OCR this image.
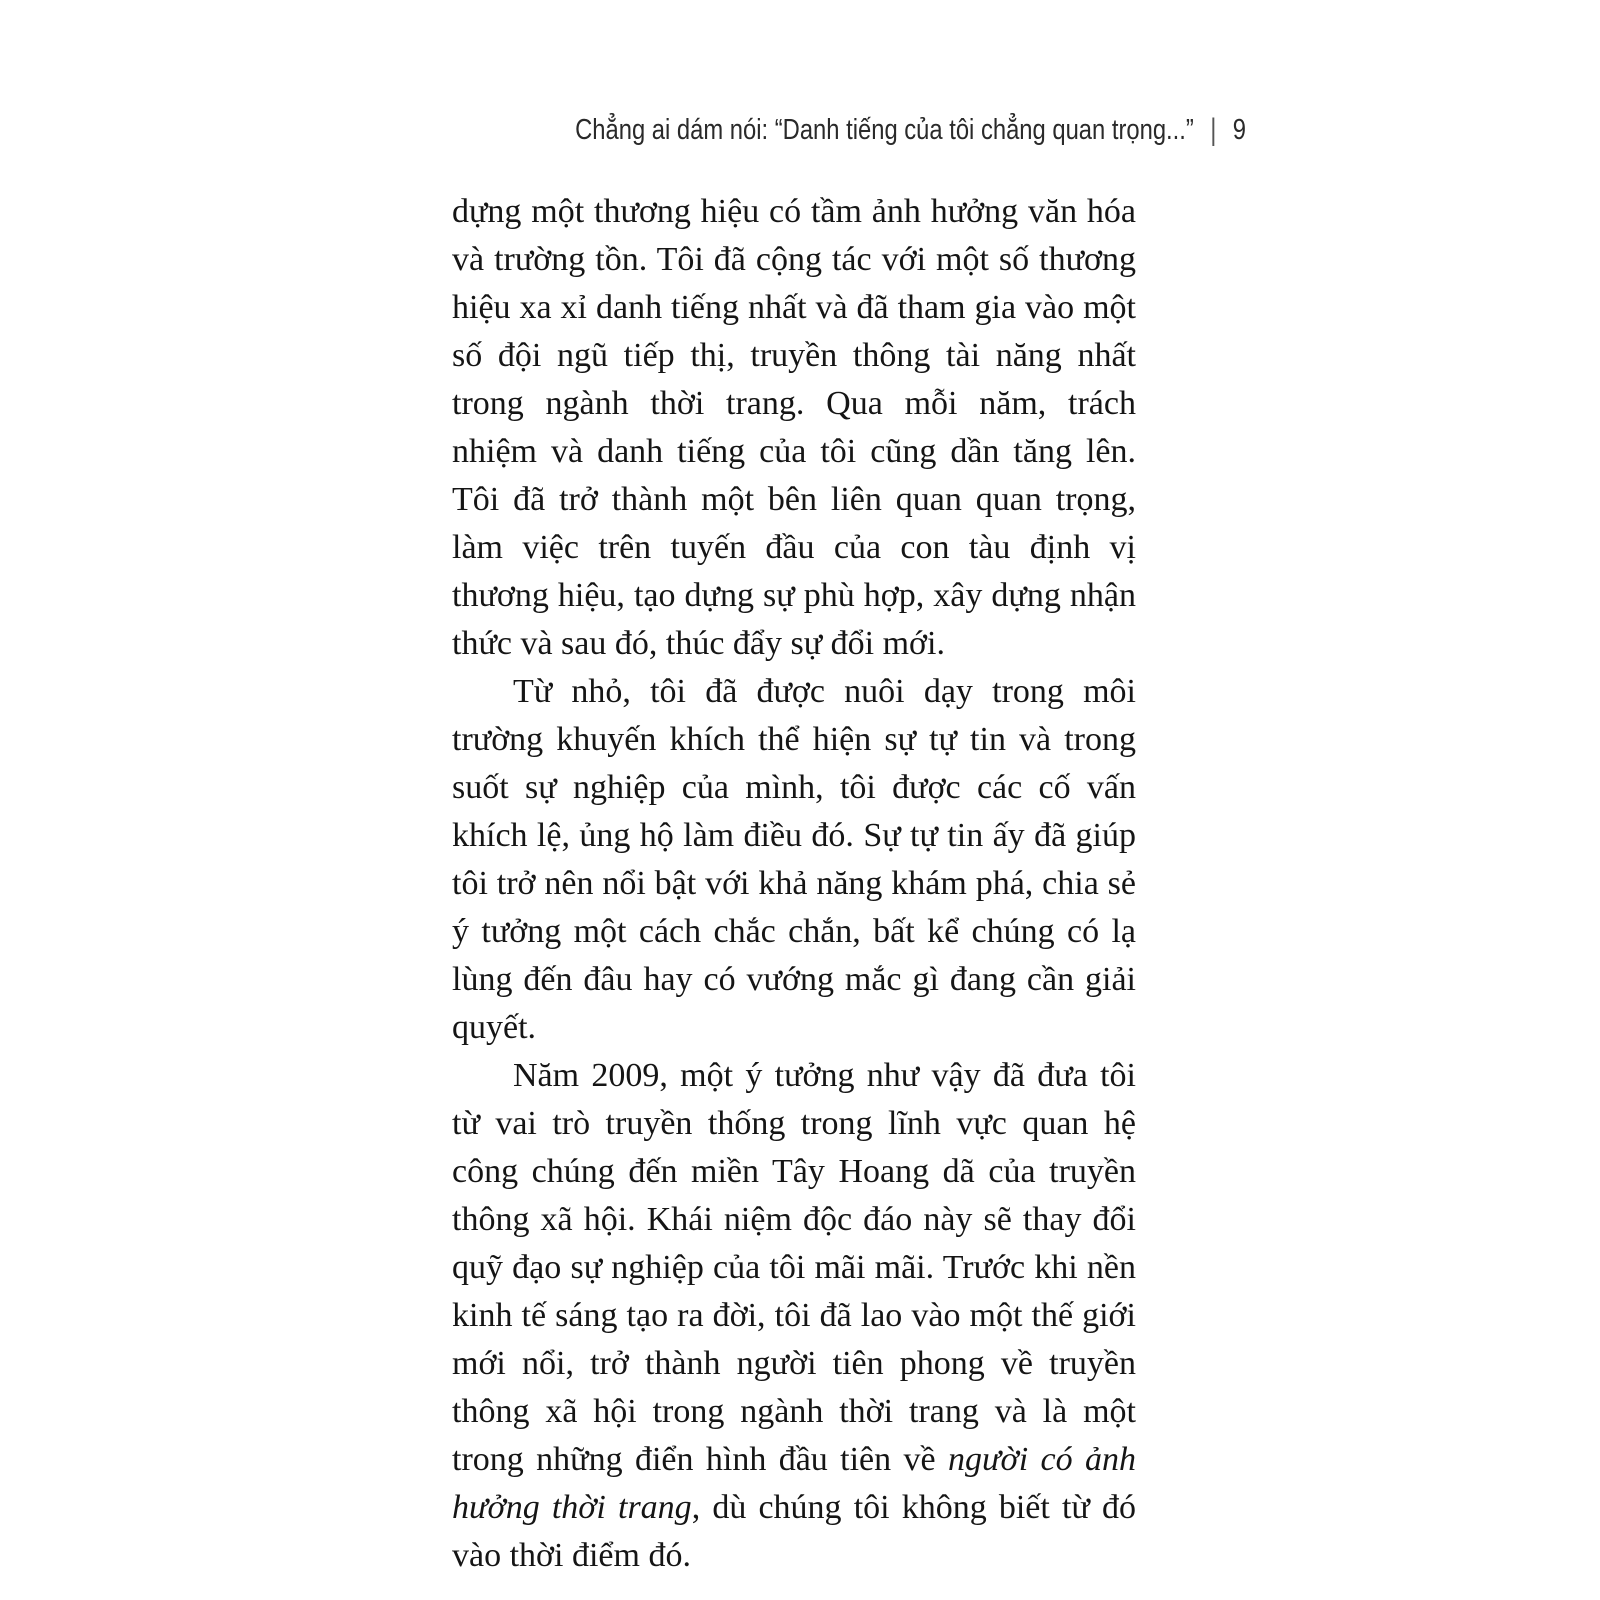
Chẳng ai dám nói: “Danh tiếng của tôi chẳng quan trọng...” | 9

dựng một thương hiệu có tầm ảnh hưởng văn hóa và trường tồn. Tôi đã cộng tác với một số thương hiệu xa xỉ danh tiếng nhất và đã tham gia vào một số đội ngũ tiếp thị, truyền thông tài năng nhất trong ngành thời trang. Qua mỗi năm, trách nhiệm và danh tiếng của tôi cũng dần tăng lên. Tôi đã trở thành một bên liên quan quan trọng, làm việc trên tuyến đầu của con tàu định vị thương hiệu, tạo dựng sự phù hợp, xây dựng nhận thức và sau đó, thúc đẩy sự đổi mới.

Từ nhỏ, tôi đã được nuôi dạy trong môi trường khuyến khích thể hiện sự tự tin và trong suốt sự nghiệp của mình, tôi được các cố vấn khích lệ, ủng hộ làm điều đó. Sự tự tin ấy đã giúp tôi trở nên nổi bật với khả năng khám phá, chia sẻ ý tưởng một cách chắc chắn, bất kể chúng có lạ lùng đến đâu hay có vướng mắc gì đang cần giải quyết.

Năm 2009, một ý tưởng như vậy đã đưa tôi từ vai trò truyền thống trong lĩnh vực quan hệ công chúng đến miền Tây Hoang dã của truyền thông xã hội. Khái niệm độc đáo này sẽ thay đổi quỹ đạo sự nghiệp của tôi mãi mãi. Trước khi nền kinh tế sáng tạo ra đời, tôi đã lao vào một thế giới mới nổi, trở thành người tiên phong về truyền thông xã hội trong ngành thời trang và là một trong những điển hình đầu tiên về người có ảnh hưởng thời trang, dù chúng tôi không biết từ đó vào thời điểm đó.
